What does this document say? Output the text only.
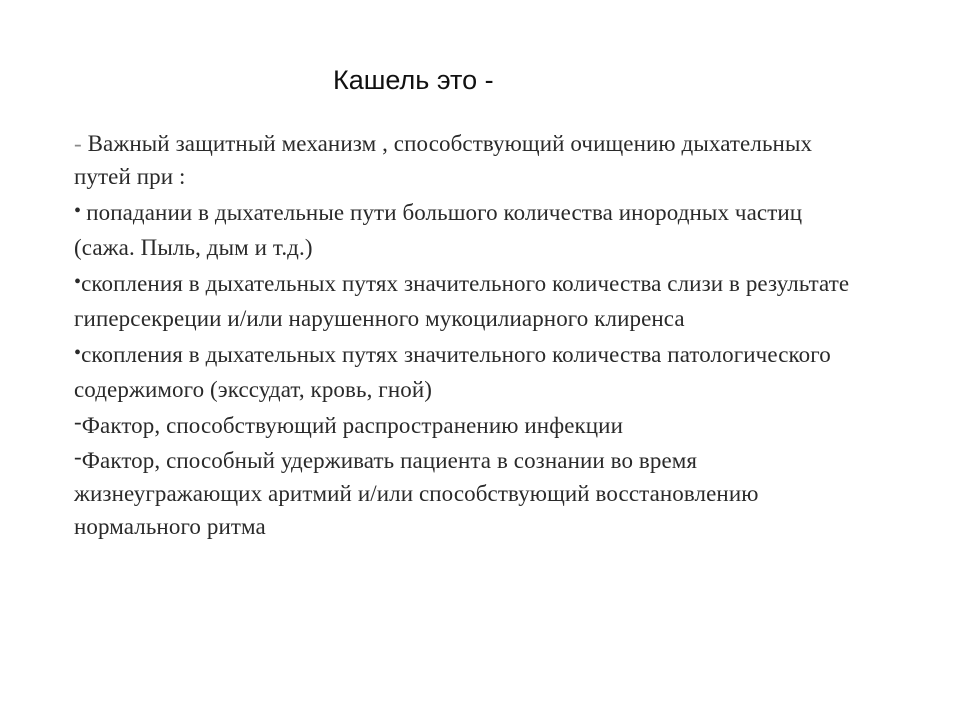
Кашель это -

- Важный защитный механизм , способствующий очищению дыхательных путей при :

• попадании в дыхательные пути большого количества инородных частиц (сажа. Пыль, дым и т.д.)

•скопления в дыхательных путях значительного количества слизи в результате гиперсекреции и/или нарушенного мукоцилиарного клиренса

•скопления в дыхательных путях значительного количества патологического содержимого (экссудат, кровь, гной)

-Фактор, способствующий распространению инфекции

-Фактор, способный удерживать пациента в сознании во время жизнеугражающих аритмий и/или способствующий восстановлению нормального ритма
